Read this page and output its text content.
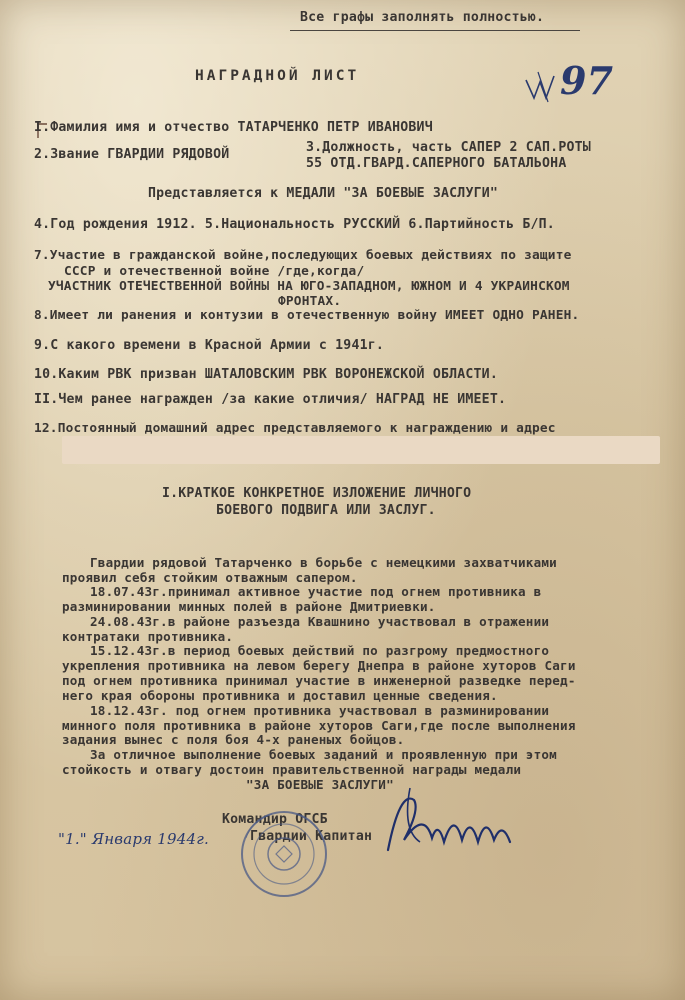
Все графы заполнять полностью.
НАГРАДНОЙ ЛИСТ	97
I.Фамилия имя и отчество ТАТАРЧЕНКО ПЕТР ИВАНОВИЧ
2.Звание ГВАРДИИ РЯДОВОЙ	3.Должность, часть САПЕР 2 САП.РОТЫ
55 ОТД.ГВАРД.САПЕРНОГО БАТАЛЬОНА
Представляется к МЕДАЛИ "ЗА БОЕВЫЕ ЗАСЛУГИ"
4.Год рождения 1912. 5.Национальность РУССКИЙ 6.Партийность Б/П.
7.Участие в гражданской войне,последующих боевых действиях по защите
СССР и отечественной войне /где,когда/
УЧАСТНИК ОТЕЧЕСТВЕННОЙ ВОЙНЫ НА ЮГО-ЗАПАДНОМ, ЮЖНОМ И 4 УКРАИНСКОМ
ФРОНТАХ.
8.Имеет ли ранения и контузии в отечественную войну ИМЕЕТ ОДНО РАНЕН.
9.С какого времени в Красной Армии с 1941г.
10.Каким РВК призван ШАТАЛОВСКИМ РВК ВОРОНЕЖСКОЙ ОБЛАСТИ.
II.Чем ранее награжден /за какие отличия/ НАГРАД НЕ ИМЕЕТ.
12.Постоянный домашний адрес представляемого к награждению и адрес
I.КРАТКОЕ КОНКРЕТНОЕ ИЗЛОЖЕНИЕ ЛИЧНОГО
БОЕВОГО ПОДВИГА ИЛИ ЗАСЛУГ.
Гвардии рядовой Татарченко в борьбе с немецкими захватчиками
проявил себя стойким отважным сапером.
18.07.43г.принимал активное участие под огнем противника в
разминировании минных полей в районе Дмитриевки.
24.08.43г.в районе разъезда Квашнино участвовал в отражении
контратаки противника.
15.12.43г.в период боевых действий по разгрому предмостного
укрепления противника на левом берегу Днепра в районе хуторов Саги
под огнем противника принимал участие в инженерной разведке перед-
него края обороны противника и доставил ценные сведения.
18.12.43г. под огнем противника участвовал в разминировании
минного поля противника в районе хуторов Саги,где после выполнения
задания вынес с поля боя 4-х раненых бойцов.
За отличное выполнение боевых заданий и проявленную при этом
стойкость и отвагу достоин правительственной награды медали
"ЗА БОЕВЫЕ ЗАСЛУГИ"
Командир ОГСБ
Гвардии Капитан
"1." Января 1944г.
